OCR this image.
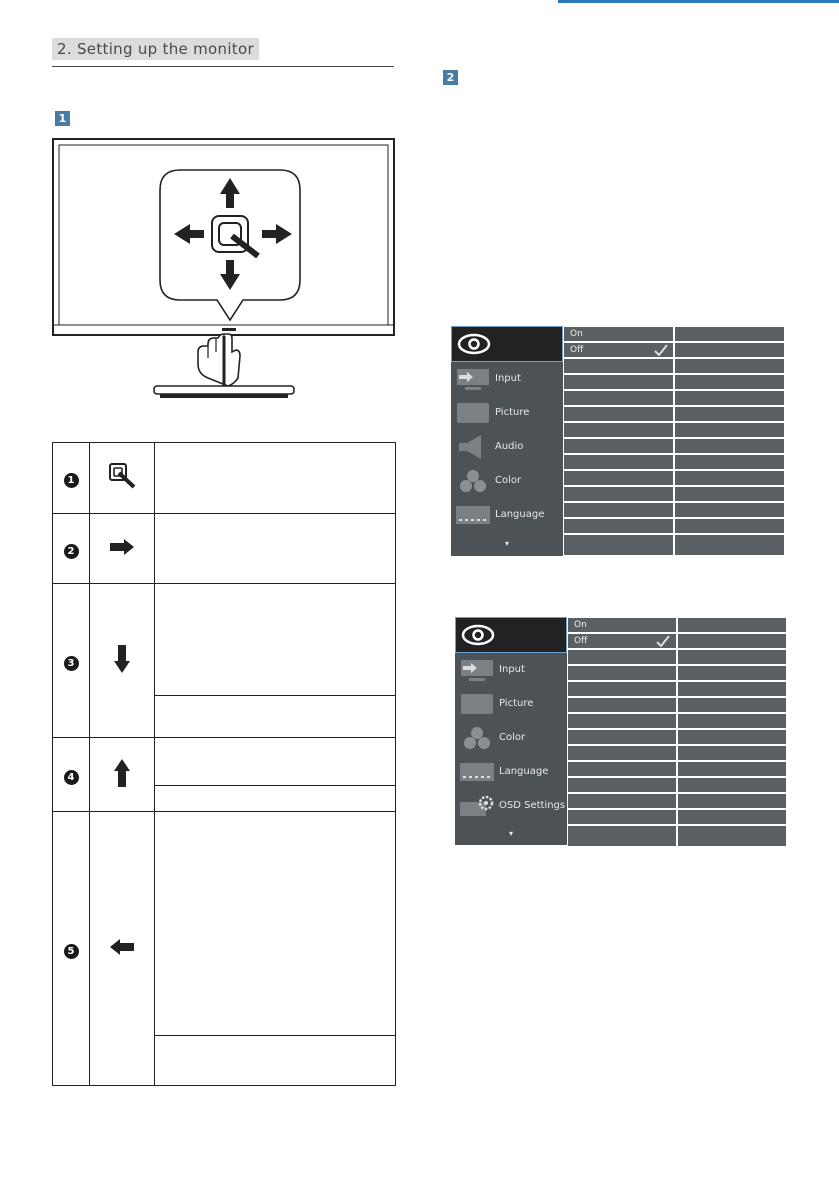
2. Setting up the monitor
1
2
1		
2		
3		

4		

5		

Input
Picture
Audio
Color
Language
▾
On
Off
Input
Picture
Color
Language
OSD Settings
▾
On
Off
